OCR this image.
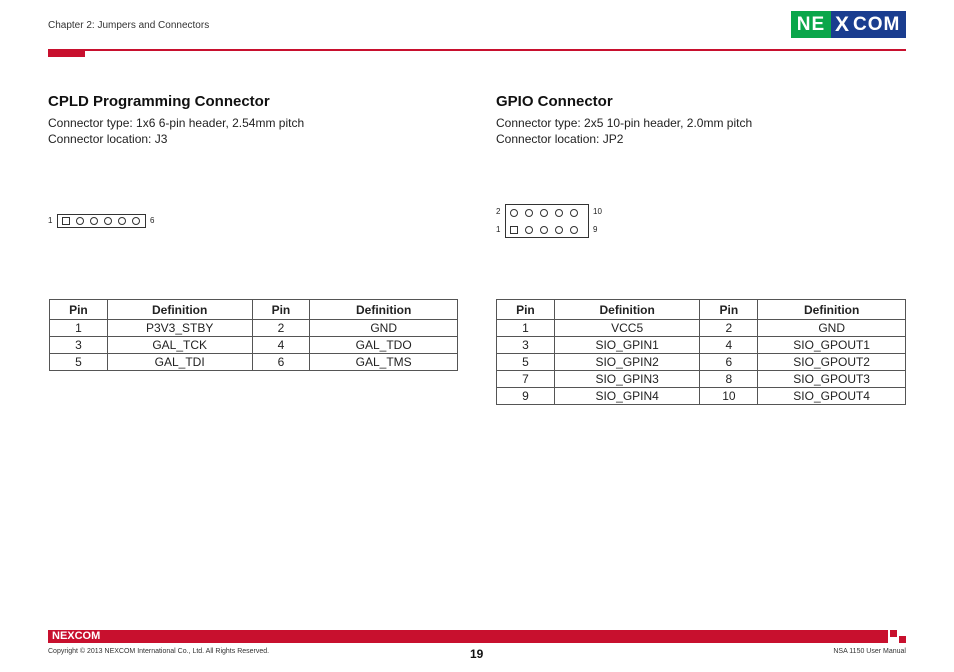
Chapter 2: Jumpers and Connectors	NE X COM
CPLD Programming Connector
Connector type: 1x6 6-pin header, 2.54mm pitch
Connector location: J3
1	6
Pin	Definition	Pin	Definition
1	P3V3_STBY	2	GND
3	GAL_TCK	4	GAL_TDO
5	GAL_TDI	6	GAL_TMS
GPIO Connector
Connector type: 2x5 10-pin header, 2.0mm pitch
Connector location: JP2
2
1
10
9
Pin	Definition	Pin	Definition
1	VCC5	2	GND
3	SIO_GPIN1	4	SIO_GPOUT1
5	SIO_GPIN2	6	SIO_GPOUT2
7	SIO_GPIN3	8	SIO_GPOUT3
9	SIO_GPIN4	10	SIO_GPOUT4
NEXCOM
Copyright © 2013 NEXCOM International Co., Ltd. All Rights Reserved.	19	NSA 1150 User Manual
